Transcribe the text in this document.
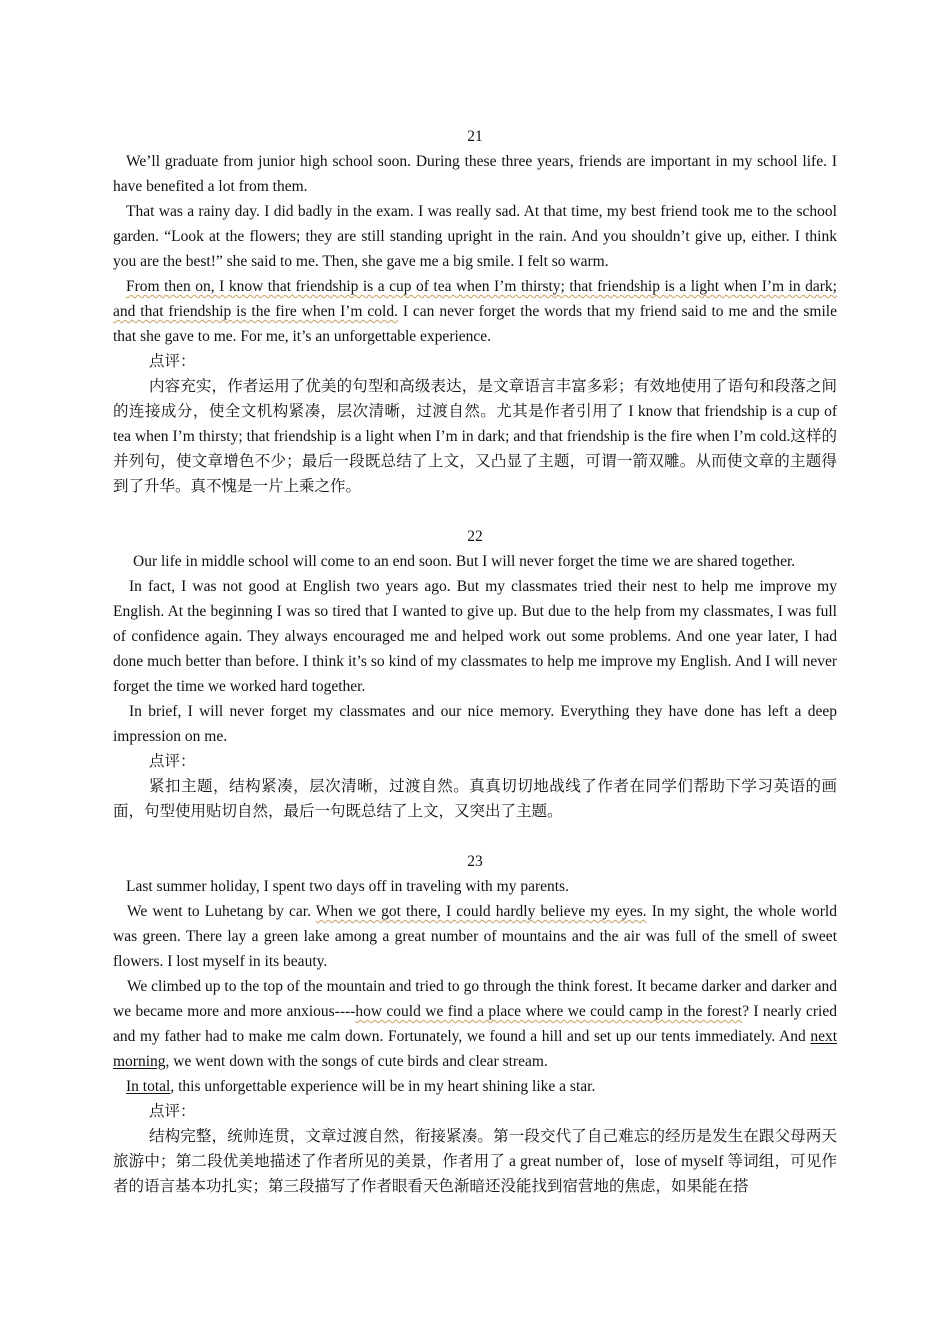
21

We’ll graduate from junior high school soon. During these three years, friends are important in my school life. I have benefited a lot from them.

That was a rainy day. I did badly in the exam. I was really sad. At that time, my best friend took me to the school garden. “Look at the flowers; they are still standing upright in the rain. And you shouldn’t give up, either. I think you are the best!” she said to me. Then, she gave me a big smile. I felt so warm.

From then on, I know that friendship is a cup of tea when I’m thirsty; that friendship is a light when I’m in dark; and that friendship is the fire when I’m cold. I can never forget the words that my friend said to me and the smile that she gave to me. For me, it’s an unforgettable experience.

点评：

内容充实，作者运用了优美的句型和高级表达，是文章语言丰富多彩；有效地使用了语句和段落之间的连接成分，使全文机构紧凑，层次清晰，过渡自然。尤其是作者引用了 I know that friendship is a cup of tea when I’m thirsty; that friendship is a light when I’m in dark; and that friendship is the fire when I’m cold.这样的并列句，使文章增色不少；最后一段既总结了上文，又凸显了主题，可谓一箭双雕。从而使文章的主题得到了升华。真不愧是一片上乘之作。

22

Our life in middle school will come to an end soon. But I will never forget the time we are shared together.

In fact, I was not good at English two years ago. But my classmates tried their nest to help me improve my English. At the beginning I was so tired that I wanted to give up. But due to the help from my classmates, I was full of confidence again. They always encouraged me and helped work out some problems. And one year later, I had done much better than before. I think it’s so kind of my classmates to help me improve my English. And I will never forget the time we worked hard together.

In brief, I will never forget my classmates and our nice memory. Everything they have done has left a deep impression on me.

点评：

紧扣主题，结构紧凑，层次清晰，过渡自然。真真切切地战线了作者在同学们帮助下学习英语的画面，句型使用贴切自然，最后一句既总结了上文，又突出了主题。

23

Last summer holiday, I spent two days off in traveling with my parents.

We went to Luhetang by car. When we got there, I could hardly believe my eyes. In my sight, the whole world was green. There lay a green lake among a great number of mountains and the air was full of the smell of sweet flowers. I lost myself in its beauty.

We climbed up to the top of the mountain and tried to go through the think forest. It became darker and darker and we became more and more anxious----how could we find a place where we could camp in the forest? I nearly cried and my father had to make me calm down. Fortunately, we found a hill and set up our tents immediately. And next morning, we went down with the songs of cute birds and clear stream.

In total, this unforgettable experience will be in my heart shining like a star.

点评：

结构完整，统帅连贯，文章过渡自然，衔接紧凑。第一段交代了自己难忘的经历是发生在跟父母两天旅游中；第二段优美地描述了作者所见的美景，作者用了 a great number of，lose of myself 等词组，可见作者的语言基本功扎实；第三段描写了作者眼看天色渐暗还没能找到宿营地的焦虑，如果能在搭
